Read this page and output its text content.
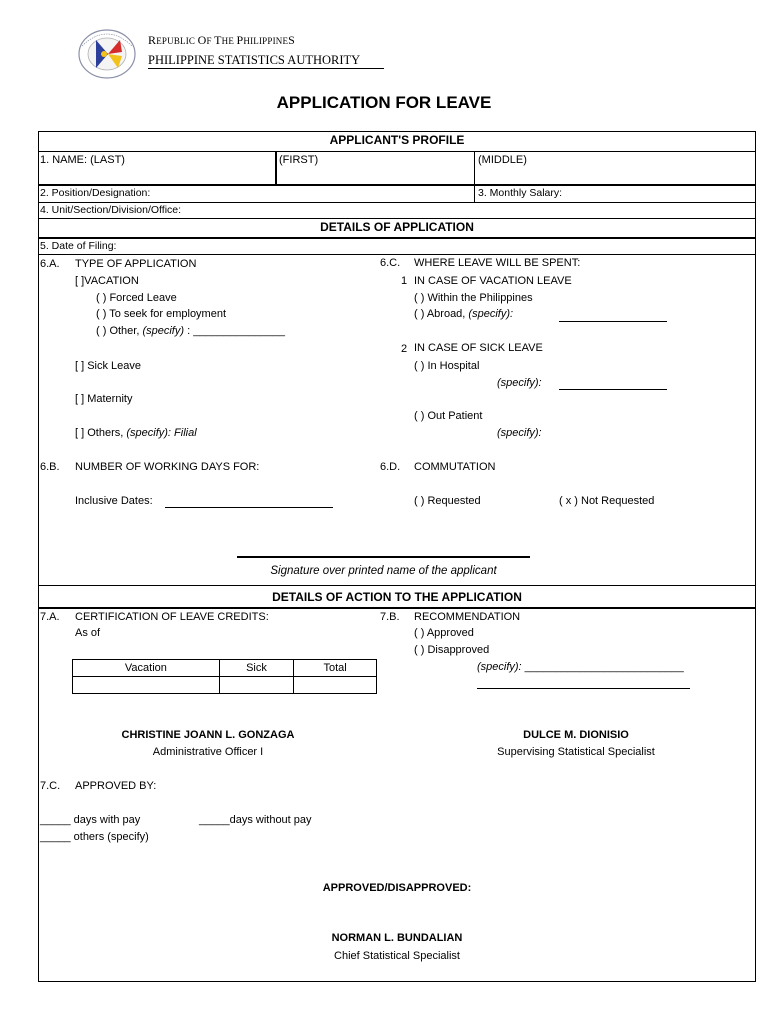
REPUBLIC OF THE PHILIPPINES
PHILIPPINE STATISTICS AUTHORITY
APPLICATION FOR LEAVE
APPLICANT'S PROFILE
1. NAME: (LAST)	(FIRST)	(MIDDLE)
2. Position/Designation:	3. Monthly Salary:
4. Unit/Section/Division/Office:
DETAILS OF APPLICATION
5. Date of Filing:
6.A. TYPE OF APPLICATION
[ ]VACATION
( ) Forced Leave
( ) To seek for employment
( ) Other, (specify) : _______________
[ ] Sick Leave
[ ] Maternity
[ ] Others, (specify): Filial
6.C. WHERE LEAVE WILL BE SPENT:
1 IN CASE OF VACATION LEAVE
( ) Within the Philippines
( ) Abroad, (specify):
2 IN CASE OF SICK LEAVE
( ) In Hospital
(specify):
( ) Out Patient
(specify):
6.B. NUMBER OF WORKING DAYS FOR:
Inclusive Dates:
6.D. COMMUTATION
( ) Requested	( x ) Not Requested
Signature over printed name of the applicant
DETAILS OF ACTION TO THE APPLICATION
7.A. CERTIFICATION OF LEAVE CREDITS:
As of
Vacation	Sick	Total

7.B. RECOMMENDATION
( ) Approved
( ) Disapproved
(specify): __________________________
CHRISTINE JOANN L. GONZAGA
Administrative Officer I
DULCE M. DIONISIO
Supervising Statistical Specialist
7.C. APPROVED BY:
_____ days with pay	_____days without pay
_____ others (specify)
APPROVED/DISAPPROVED:
NORMAN L. BUNDALIAN
Chief Statistical Specialist
